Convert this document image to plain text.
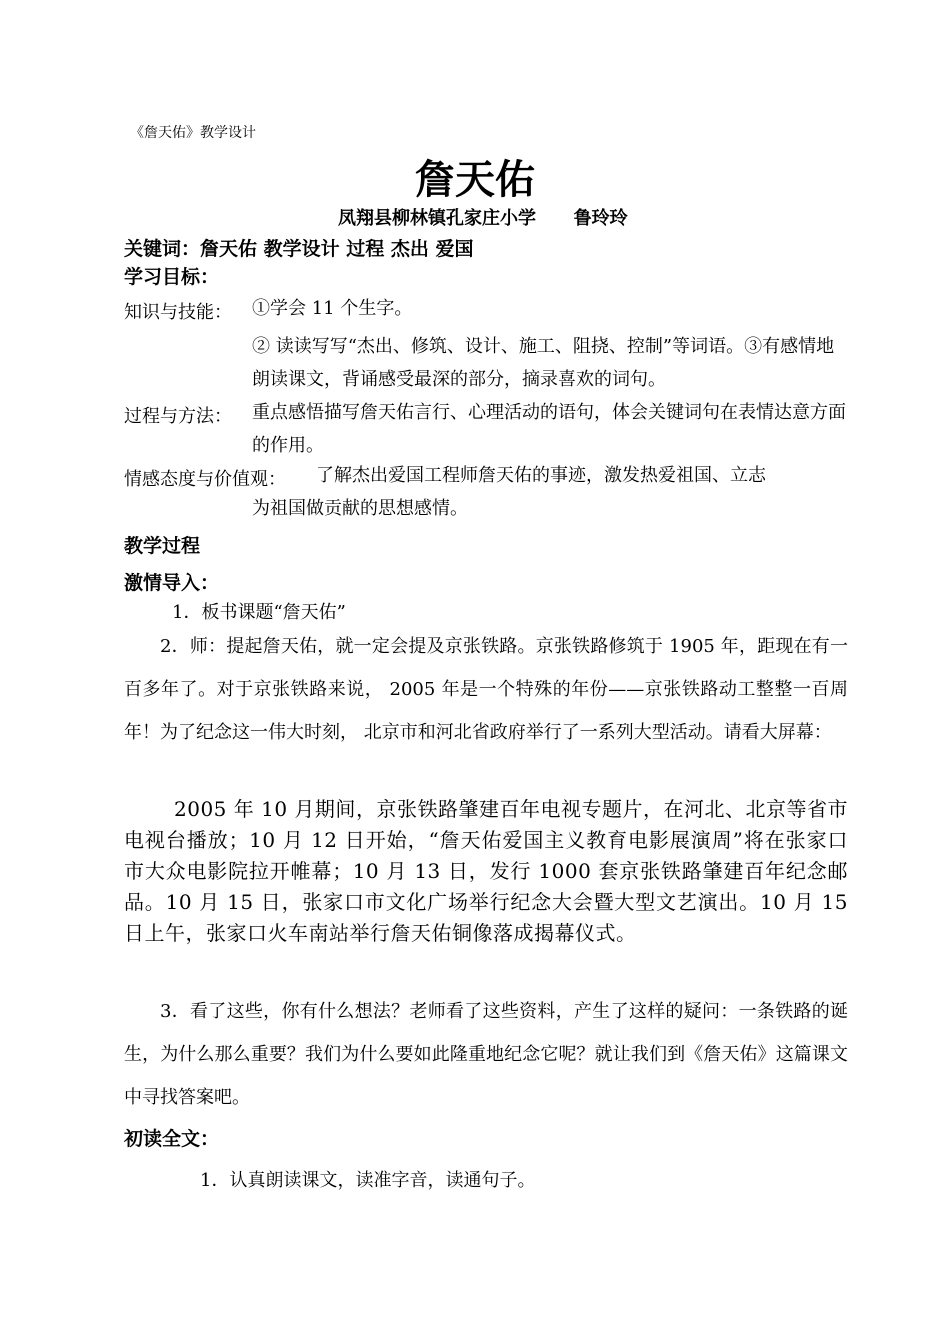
《詹天佑》教学设计
詹天佑
凤翔县柳林镇孔家庄小学      鲁玲玲
关键词：詹天佑 教学设计 过程 杰出 爱国
学习目标：
知识与技能： ①学会 11 个生字。
② 读读写写“杰出、修筑、设计、施工、阻挠、控制”等词语。③有感情地朗读课文，背诵感受最深的部分，摘录喜欢的词句。
过程与方法： 重点感悟描写詹天佑言行、心理活动的语句，体会关键词句在表情达意方面的作用。
情感态度与价值观： 了解杰出爱国工程师詹天佑的事迹，激发热爱祖国、立志
为祖国做贡献的思想感情。
教学过程
激情导入：
1．板书课题“詹天佑”
2．师：提起詹天佑，就一定会提及京张铁路。京张铁路修筑于 1905 年，距现在有一百多年了。对于京张铁路来说， 2005 年是一个特殊的年份——京张铁路动工整整一百周年！为了纪念这一伟大时刻， 北京市和河北省政府举行了一系列大型活动。请看大屏幕：
2005 年 10 月期间，京张铁路肇建百年电视专题片，在河北、北京等省市电视台播放；10 月 12 日开始，“詹天佑爱国主义教育电影展演周”将在张家口市大众电影院拉开帷幕；10 月 13 日，发行 1000 套京张铁路肇建百年纪念邮品。10 月 15 日，张家口市文化广场举行纪念大会暨大型文艺演出。10 月 15 日上午，张家口火车南站举行詹天佑铜像落成揭幕仪式。
3．看了这些，你有什么想法？老师看了这些资料，产生了这样的疑问：一条铁路的诞生，为什么那么重要？我们为什么要如此隆重地纪念它呢？就让我们到《詹天佑》这篇课文中寻找答案吧。
初读全文：
1．认真朗读课文，读准字音，读通句子。
